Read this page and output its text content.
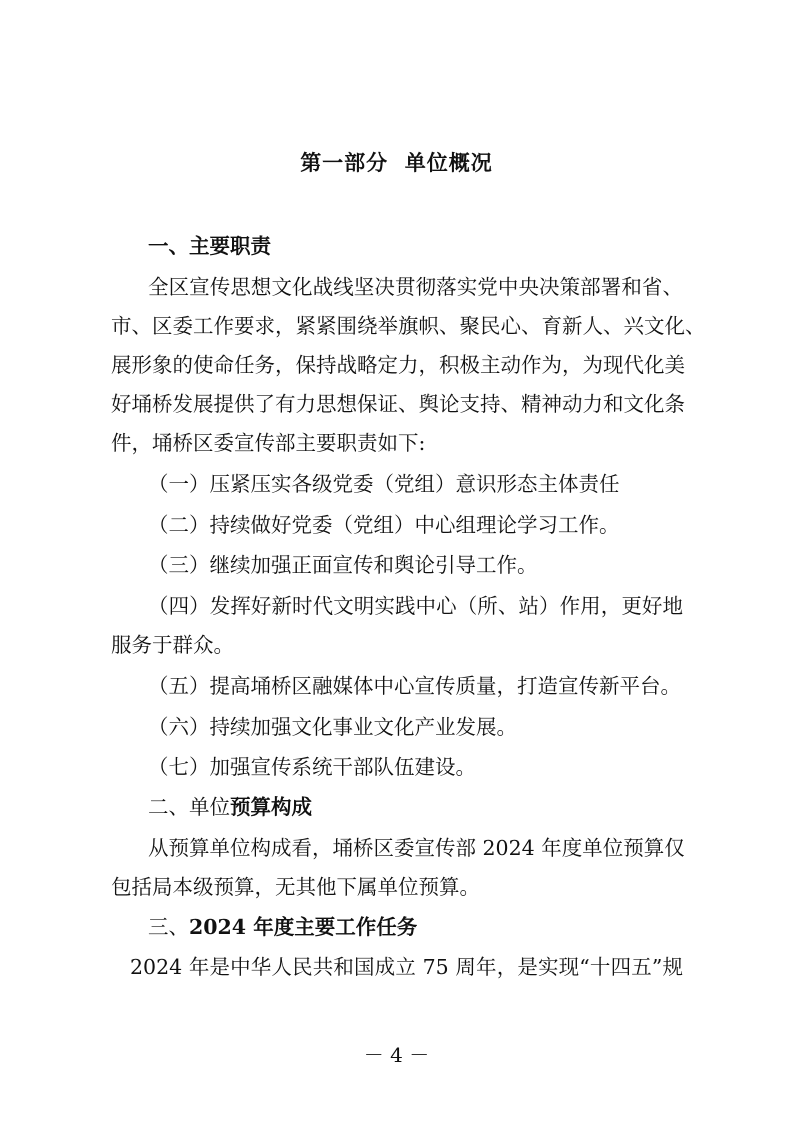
第一部分  单位概况
一、主要职责
全区宣传思想文化战线坚决贯彻落实党中央决策部署和省、
市、区委工作要求，紧紧围绕举旗帜、聚民心、育新人、兴文化、
展形象的使命任务，保持战略定力，积极主动作为，为现代化美
好埇桥发展提供了有力思想保证、舆论支持、精神动力和文化条
件，埇桥区委宣传部主要职责如下:
（一）压紧压实各级党委（党组）意识形态主体责任
（二）持续做好党委（党组）中心组理论学习工作。
（三）继续加强正面宣传和舆论引导工作。
（四）发挥好新时代文明实践中心（所、站）作用，更好地
服务于群众。
（五）提高埇桥区融媒体中心宣传质量，打造宣传新平台。
（六）持续加强文化事业文化产业发展。
（七）加强宣传系统干部队伍建设。
二、单位预算构成
从预算单位构成看，埇桥区委宣传部 2024 年度单位预算仅
包括局本级预算，无其他下属单位预算。
三、2024 年度主要工作任务
2024 年是中华人民共和国成立 75 周年，是实现“十四五”规
－ 4 －
